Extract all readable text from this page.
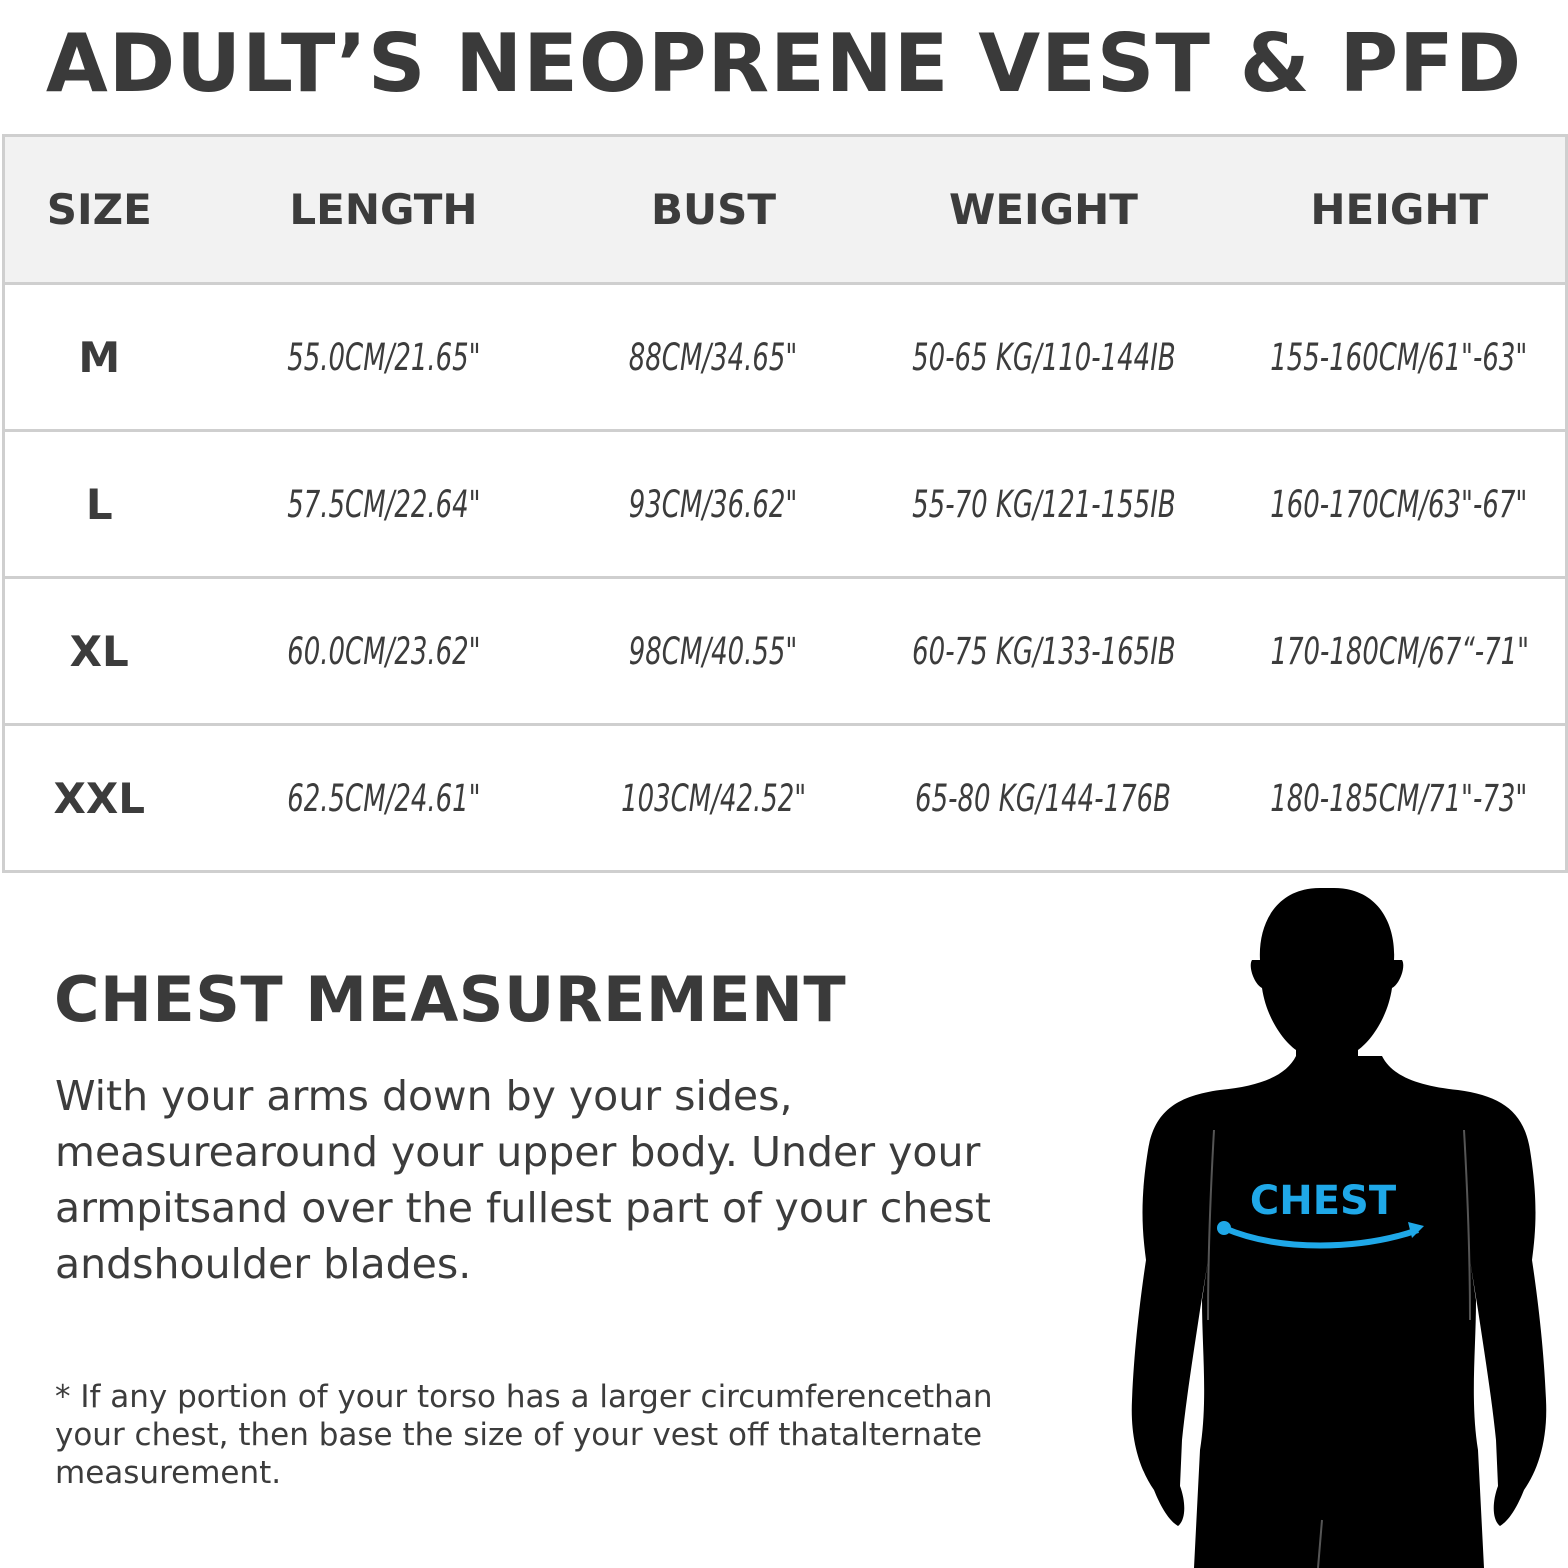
ADULT’S NEOPRENE VEST & PFD
SIZE	LENGTH	BUST	WEIGHT	HEIGHT
M	55.0CM/21.65"	88CM/34.65"	50-65 KG/110-144IB	155-160CM/61"-63"
L	57.5CM/22.64"	93CM/36.62"	55-70 KG/121-155IB	160-170CM/63"-67"
XL	60.0CM/23.62"	98CM/40.55"	60-75 KG/133-165IB	170-180CM/67“-71"
XXL	62.5CM/24.61"	103CM/42.52"	65-80 KG/144-176B	180-185CM/71"-73"
CHEST MEASUREMENT
With your arms down by your sides,
measurearound your upper body. Under your
armpitsand over the fullest part of your chest
andshoulder blades.
* If any portion of your torso has a larger circumferencethan
your chest, then base the size of your vest off thatalternate
measurement.
CHEST
